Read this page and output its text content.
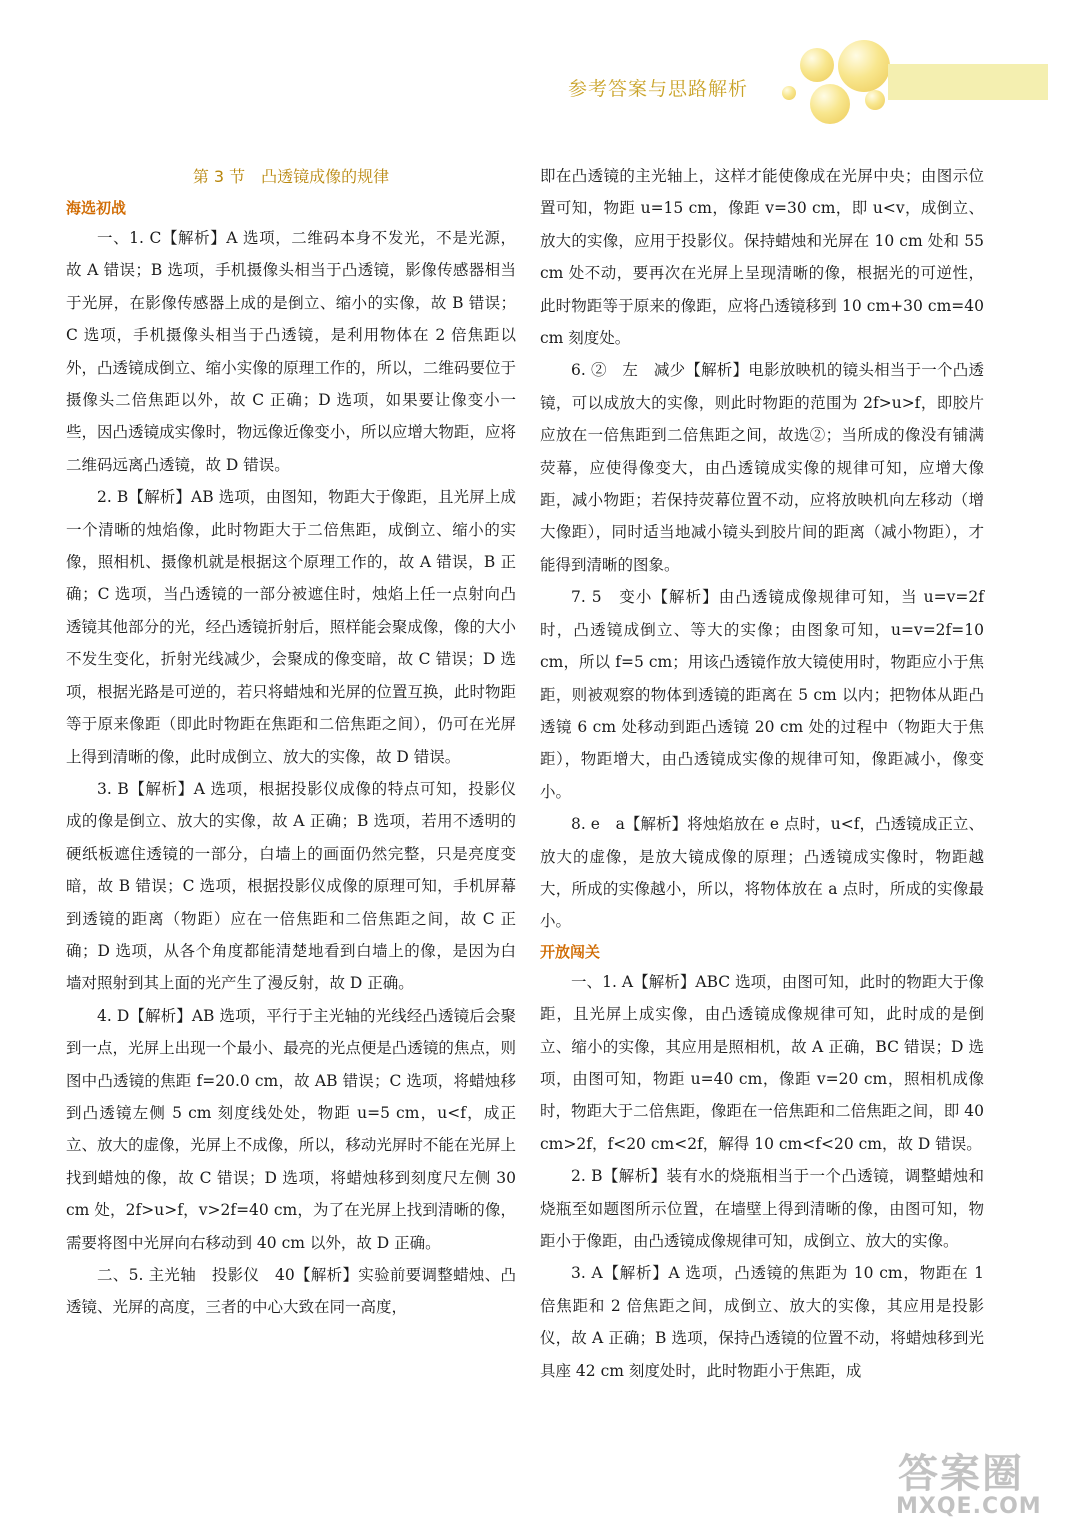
参考答案与思路解析

第 3 节　凸透镜成像的规律

海选初战

一、1. C【解析】A 选项，二维码本身不发光，不是光源，故 A 错误；B 选项，手机摄像头相当于凸透镜，影像传感器相当于光屏，在影像传感器上成的是倒立、缩小的实像，故 B 错误；C 选项，手机摄像头相当于凸透镜，是利用物体在 2 倍焦距以外，凸透镜成倒立、缩小实像的原理工作的，所以，二维码要位于摄像头二倍焦距以外，故 C 正确；D 选项，如果要让像变小一些，因凸透镜成实像时，物远像近像变小，所以应增大物距，应将二维码远离凸透镜，故 D 错误。

2. B【解析】AB 选项，由图知，物距大于像距，且光屏上成一个清晰的烛焰像，此时物距大于二倍焦距，成倒立、缩小的实像，照相机、摄像机就是根据这个原理工作的，故 A 错误，B 正确；C 选项，当凸透镜的一部分被遮住时，烛焰上任一点射向凸透镜其他部分的光，经凸透镜折射后，照样能会聚成像，像的大小不发生变化，折射光线减少，会聚成的像变暗，故 C 错误；D 选项，根据光路是可逆的，若只将蜡烛和光屏的位置互换，此时物距等于原来像距（即此时物距在焦距和二倍焦距之间），仍可在光屏上得到清晰的像，此时成倒立、放大的实像，故 D 错误。

3. B【解析】A 选项，根据投影仪成像的特点可知，投影仪成的像是倒立、放大的实像，故 A 正确；B 选项，若用不透明的硬纸板遮住透镜的一部分，白墙上的画面仍然完整，只是亮度变暗，故 B 错误；C 选项，根据投影仪成像的原理可知，手机屏幕到透镜的距离（物距）应在一倍焦距和二倍焦距之间，故 C 正确；D 选项，从各个角度都能清楚地看到白墙上的像，是因为白墙对照射到其上面的光产生了漫反射，故 D 正确。

4. D【解析】AB 选项，平行于主光轴的光线经凸透镜后会聚到一点，光屏上出现一个最小、最亮的光点便是凸透镜的焦点，则图中凸透镜的焦距 f=20.0 cm，故 AB 错误；C 选项，将蜡烛移到凸透镜左侧 5 cm 刻度线处处，物距 u=5 cm，u<f，成正立、放大的虚像，光屏上不成像，所以，移动光屏时不能在光屏上找到蜡烛的像，故 C 错误；D 选项，将蜡烛移到刻度尺左侧 30 cm 处，2f>u>f，v>2f=40 cm，为了在光屏上找到清晰的像，需要将图中光屏向右移动到 40 cm 以外，故 D 正确。

二、5. 主光轴　投影仪　40【解析】实验前要调整蜡烛、凸透镜、光屏的高度，三者的中心大致在同一高度，

即在凸透镜的主光轴上，这样才能使像成在光屏中央；由图示位置可知，物距 u=15 cm，像距 v=30 cm，即 u<v，成倒立、放大的实像，应用于投影仪。保持蜡烛和光屏在 10 cm 处和 55 cm 处不动，要再次在光屏上呈现清晰的像，根据光的可逆性，此时物距等于原来的像距，应将凸透镜移到 10 cm+30 cm=40 cm 刻度处。

6. ②　左　减少【解析】电影放映机的镜头相当于一个凸透镜，可以成放大的实像，则此时物距的范围为 2f>u>f，即胶片应放在一倍焦距到二倍焦距之间，故选②；当所成的像没有铺满荧幕，应使得像变大，由凸透镜成实像的规律可知，应增大像距，减小物距；若保持荧幕位置不动，应将放映机向左移动（增大像距），同时适当地减小镜头到胶片间的距离（减小物距），才能得到清晰的图象。

7. 5　变小【解析】由凸透镜成像规律可知，当 u=v=2f 时，凸透镜成倒立、等大的实像；由图象可知，u=v=2f=10 cm，所以 f=5 cm；用该凸透镜作放大镜使用时，物距应小于焦距，则被观察的物体到透镜的距离在 5 cm 以内；把物体从距凸透镜 6 cm 处移动到距凸透镜 20 cm 处的过程中（物距大于焦距），物距增大，由凸透镜成实像的规律可知，像距减小，像变小。

8. e　a【解析】将烛焰放在 e 点时，u<f，凸透镜成正立、放大的虚像，是放大镜成像的原理；凸透镜成实像时，物距越大，所成的实像越小，所以，将物体放在 a 点时，所成的实像最小。

开放闯关

一、1. A【解析】ABC 选项，由图可知，此时的物距大于像距，且光屏上成实像，由凸透镜成像规律可知，此时成的是倒立、缩小的实像，其应用是照相机，故 A 正确，BC 错误；D 选项，由图可知，物距 u=40 cm，像距 v=20 cm，照相机成像时，物距大于二倍焦距，像距在一倍焦距和二倍焦距之间，即 40 cm>2f，f<20 cm<2f，解得 10 cm<f<20 cm，故 D 错误。

2. B【解析】装有水的烧瓶相当于一个凸透镜，调整蜡烛和烧瓶至如题图所示位置，在墙壁上得到清晰的像，由图可知，物距小于像距，由凸透镜成像规律可知，成倒立、放大的实像。

3. A【解析】A 选项，凸透镜的焦距为 10 cm，物距在 1 倍焦距和 2 倍焦距之间，成倒立、放大的实像，其应用是投影仪，故 A 正确；B 选项，保持凸透镜的位置不动，将蜡烛移到光具座 42 cm 刻度处时，此时物距小于焦距，成

答案圈
MXQE.COM
